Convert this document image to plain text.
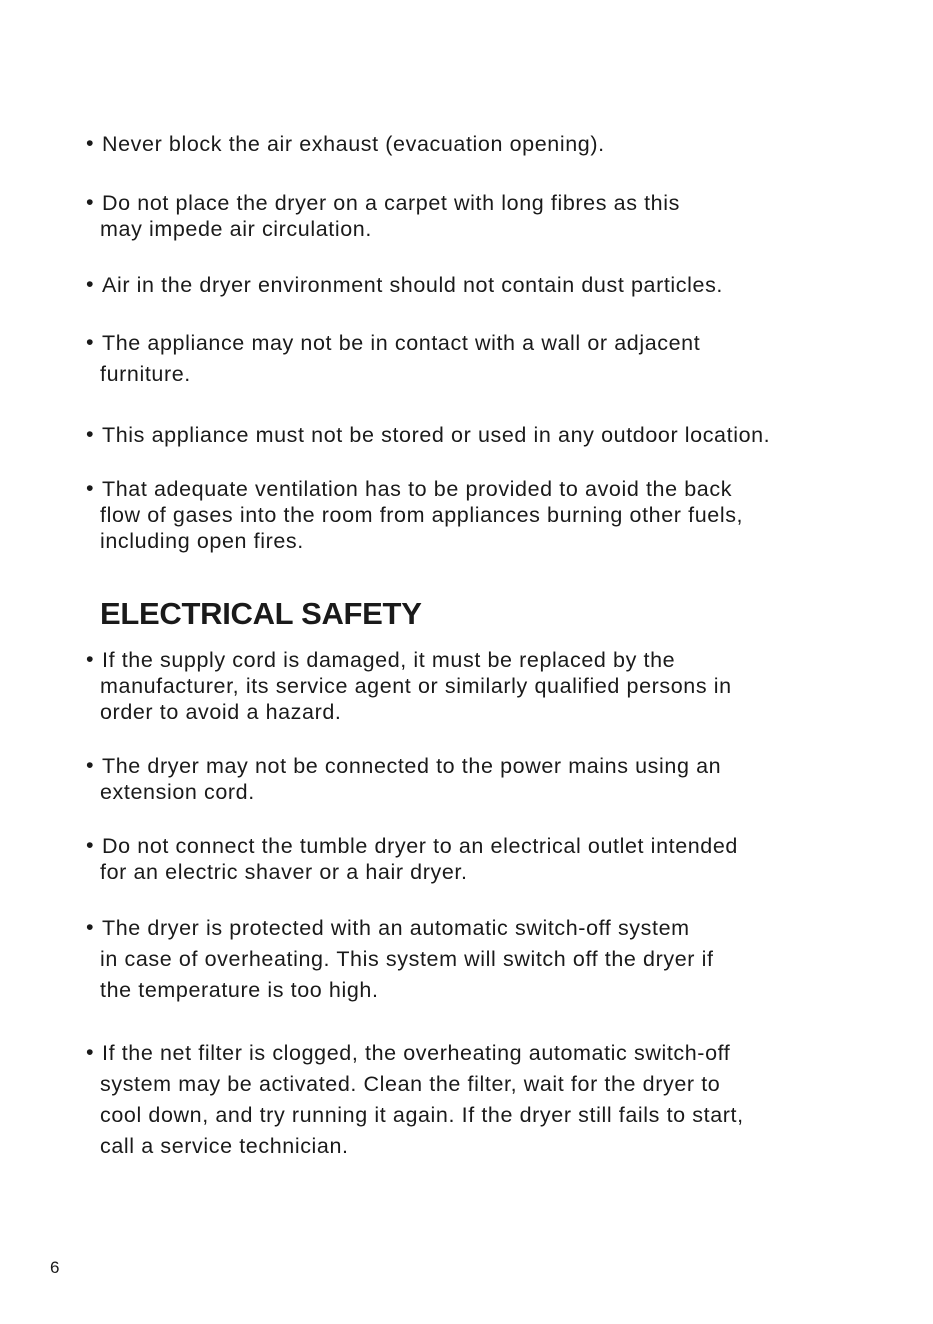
• Never block the air exhaust (evacuation opening).
• Do not place the dryer on a carpet with long fibres as this
may impede air circulation.
• Air in the dryer environment should not contain dust particles.
• The appliance may not be in contact with a wall or adjacent
furniture.
• This appliance must not be stored or used in any outdoor location.
• That adequate ventilation has to be provided to avoid the back
flow of gases into the room from appliances burning other fuels,
including open fires.
ELECTRICAL SAFETY
• If the supply cord is damaged, it must be replaced by the
manufacturer, its service agent or similarly qualified persons in
order to avoid a hazard.
• The dryer may not be connected to the power mains using an
extension cord.
• Do not connect the tumble dryer to an electrical outlet intended
for an electric shaver or a hair dryer.
• The dryer is protected with an automatic switch-off system
in case of overheating. This system will switch off the dryer if
the temperature is too high.
• If the net filter is clogged, the overheating automatic switch-off
system may be activated. Clean the filter, wait for the dryer to
cool down, and try running it again. If the dryer still fails to start,
call a service technician.
6
